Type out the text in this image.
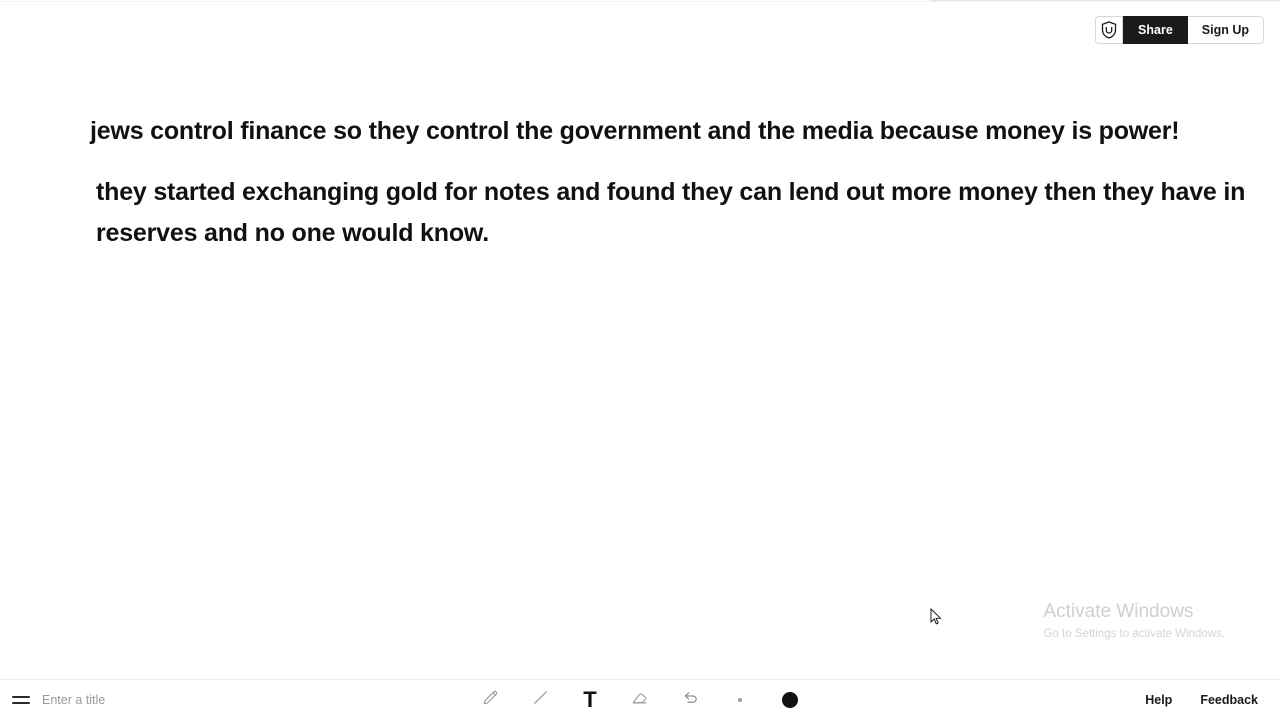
Share	Sign Up
jews control finance so they control the government and the media because money is power!
they started exchanging gold for notes and found they can lend out more money then they have in reserves and no one would know.
Activate Windows
Go to Settings to activate Windows.
Enter a title
T	Help	Feedback
